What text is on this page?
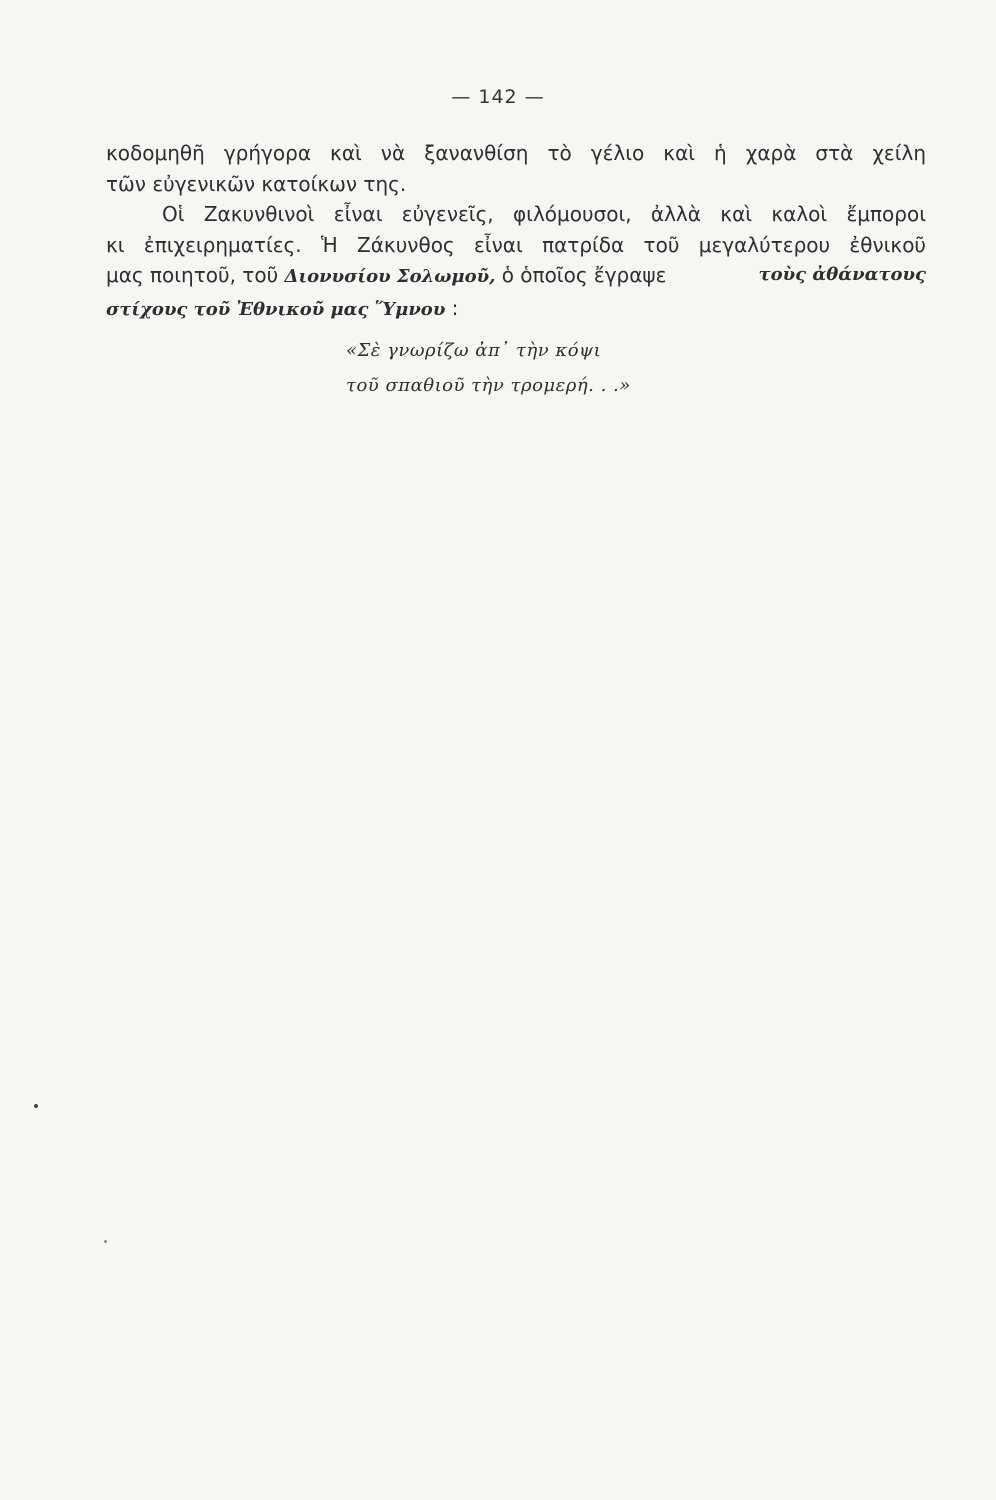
— 142 —
κοδομηθῆ γρήγορα καὶ νὰ ξανανθίση τὸ γέλιο καὶ ἡ χαρὰ στὰ χείλη
τῶν εὐγενικῶν κατοίκων της.
Οἱ Ζακυνθινοὶ εἶναι εὐγενεῖς, φιλόμουσοι, ἀλλὰ καὶ καλοὶ ἔμποροι
κι ἐπιχειρηματίες. Ἡ Ζάκυνθος εἶναι πατρίδα τοῦ μεγαλύτερου ἐθνικοῦ
μας ποιητοῦ, τοῦ Διονυσίου Σολωμοῦ, ὁ ὁποῖος ἔγραψε	τοὺς ἀθάνατους
στίχους τοῦ Ἐθνικοῦ μας Ὕμνου :
«Σὲ γνωρίζω ἀπ᾿ τὴν κόψι
τοῦ σπαθιοῦ τὴν τρομερή. . .»
